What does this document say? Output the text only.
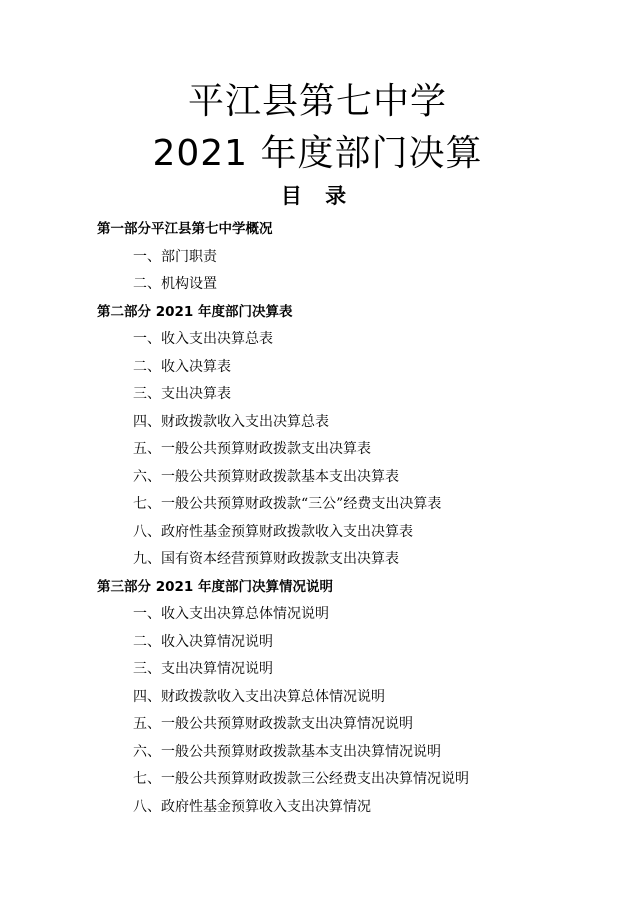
平江县第七中学
2021 年度部门决算
目 录
第一部分平江县第七中学概况
一、部门职责
二、机构设置
第二部分 2021 年度部门决算表
一、收入支出决算总表
二、收入决算表
三、支出决算表
四、财政拨款收入支出决算总表
五、一般公共预算财政拨款支出决算表
六、一般公共预算财政拨款基本支出决算表
七、一般公共预算财政拨款“三公”经费支出决算表
八、政府性基金预算财政拨款收入支出决算表
九、国有资本经营预算财政拨款支出决算表
第三部分 2021 年度部门决算情况说明
一、收入支出决算总体情况说明
二、收入决算情况说明
三、支出决算情况说明
四、财政拨款收入支出决算总体情况说明
五、一般公共预算财政拨款支出决算情况说明
六、一般公共预算财政拨款基本支出决算情况说明
七、一般公共预算财政拨款三公经费支出决算情况说明
八、政府性基金预算收入支出决算情况
